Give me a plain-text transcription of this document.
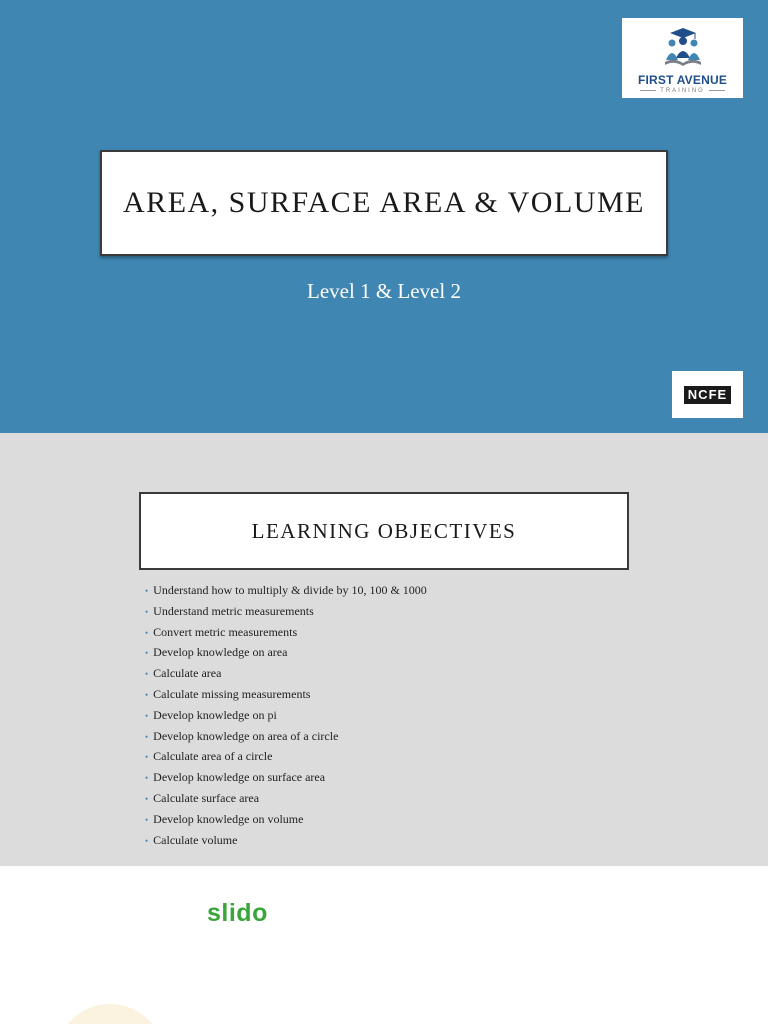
FIRST AVENUE
TRAINING
AREA, SURFACE AREA & VOLUME
Level 1 & Level 2
NCFE
LEARNING OBJECTIVES
• Understand how to multiply & divide by 10, 100 & 1000
• Understand metric measurements
• Convert metric measurements
• Develop knowledge on area
• Calculate area
• Calculate missing measurements
• Develop knowledge on pi
• Develop knowledge on area of a circle
• Calculate area of a circle
• Develop knowledge on surface area
• Calculate surface area
• Develop knowledge on volume
• Calculate volume
slido
